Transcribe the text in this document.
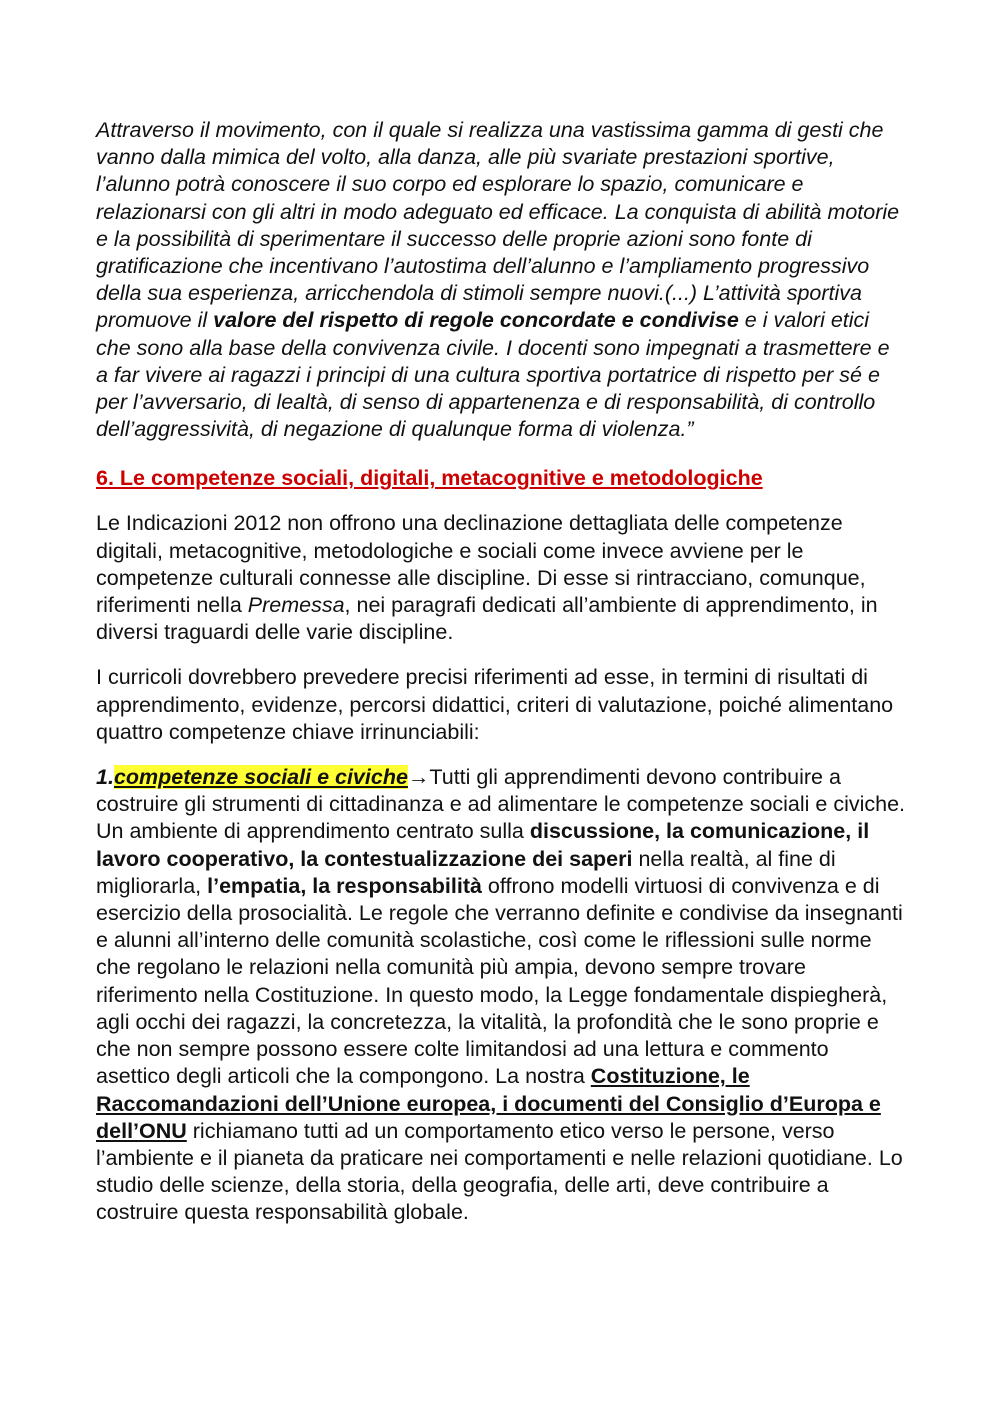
Attraverso il movimento, con il quale si realizza una vastissima gamma di gesti che vanno dalla mimica del volto, alla danza, alle più svariate prestazioni sportive, l’alunno potrà conoscere il suo corpo ed esplorare lo spazio, comunicare e relazionarsi con gli altri in modo adeguato ed efficace. La conquista di abilità motorie e la possibilità di sperimentare il successo delle proprie azioni sono fonte di gratificazione che incentivano l’autostima dell’alunno e l’ampliamento progressivo della sua esperienza, arricchendola di stimoli sempre nuovi.(...) L’attività sportiva promuove il valore del rispetto di regole concordate e condivise e i valori etici che sono alla base della convivenza civile. I docenti sono impegnati a trasmettere e a far vivere ai ragazzi i principi di una cultura sportiva portatrice di rispetto per sé e per l’avversario, di lealtà, di senso di appartenenza e di responsabilità, di controllo dell’aggressività, di negazione di qualunque forma di violenza.”

6. Le competenze sociali, digitali, metacognitive e metodologiche

Le Indicazioni 2012 non offrono una declinazione dettagliata delle competenze digitali, metacognitive, metodologiche e sociali come invece avviene per le competenze culturali connesse alle discipline. Di esse si rintracciano, comunque, riferimenti nella Premessa, nei paragrafi dedicati all’ambiente di apprendimento, in diversi traguardi delle varie discipline.

I curricoli dovrebbero prevedere precisi riferimenti ad esse, in termini di risultati di apprendimento, evidenze, percorsi didattici, criteri di valutazione, poiché alimentano quattro competenze chiave irrinunciabili:

1.competenze sociali e civiche→Tutti gli apprendimenti devono contribuire a costruire gli strumenti di cittadinanza e ad alimentare le competenze sociali e civiche. Un ambiente di apprendimento centrato sulla discussione, la comunicazione, il lavoro cooperativo, la contestualizzazione dei saperi nella realtà, al fine di migliorarla, l’empatia, la responsabilità offrono modelli virtuosi di convivenza e di esercizio della prosocialità. Le regole che verranno definite e condivise da insegnanti e alunni all’interno delle comunità scolastiche, così come le riflessioni sulle norme che regolano le relazioni nella comunità più ampia, devono sempre trovare riferimento nella Costituzione. In questo modo, la Legge fondamentale dispiegherà, agli occhi dei ragazzi, la concretezza, la vitalità, la profondità che le sono proprie e che non sempre possono essere colte limitandosi ad una lettura e commento asettico degli articoli che la compongono. La nostra Costituzione, le Raccomandazioni dell’Unione europea, i documenti del Consiglio d’Europa e dell’ONU richiamano tutti ad un comportamento etico verso le persone, verso l’ambiente e il pianeta da praticare nei comportamenti e nelle relazioni quotidiane. Lo studio delle scienze, della storia, della geografia, delle arti, deve contribuire a costruire questa responsabilità globale.
